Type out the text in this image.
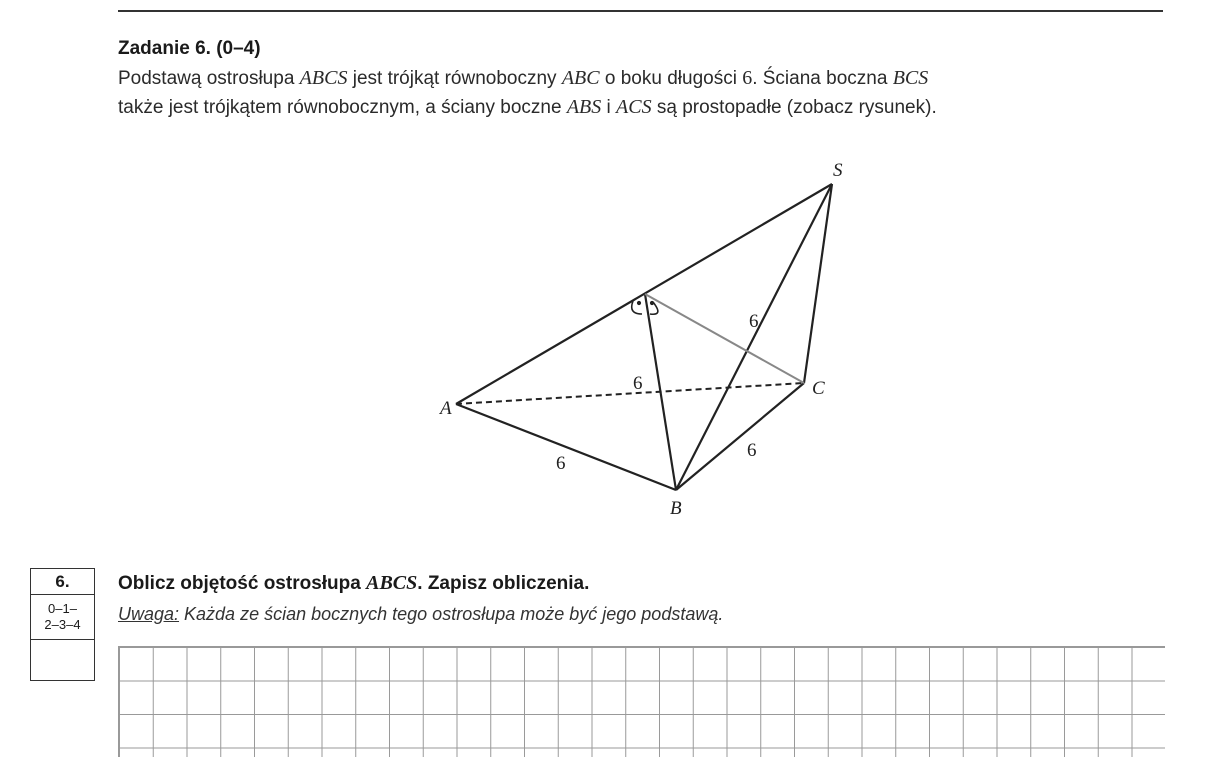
Zadanie 6. (0–4)
Podstawą ostrosłupa ABCS jest trójkąt równoboczny ABC o boku długości 6. Ściana boczna BCS
także jest trójkątem równobocznym, a ściany boczne ABS i ACS są prostopadłe (zobacz rysunek).
S
A
B
C
6
6
6
6
6.
0–1–
2–3–4
Oblicz objętość ostrosłupa ABCS. Zapisz obliczenia.
Uwaga: Każda ze ścian bocznych tego ostrosłupa może być jego podstawą.
